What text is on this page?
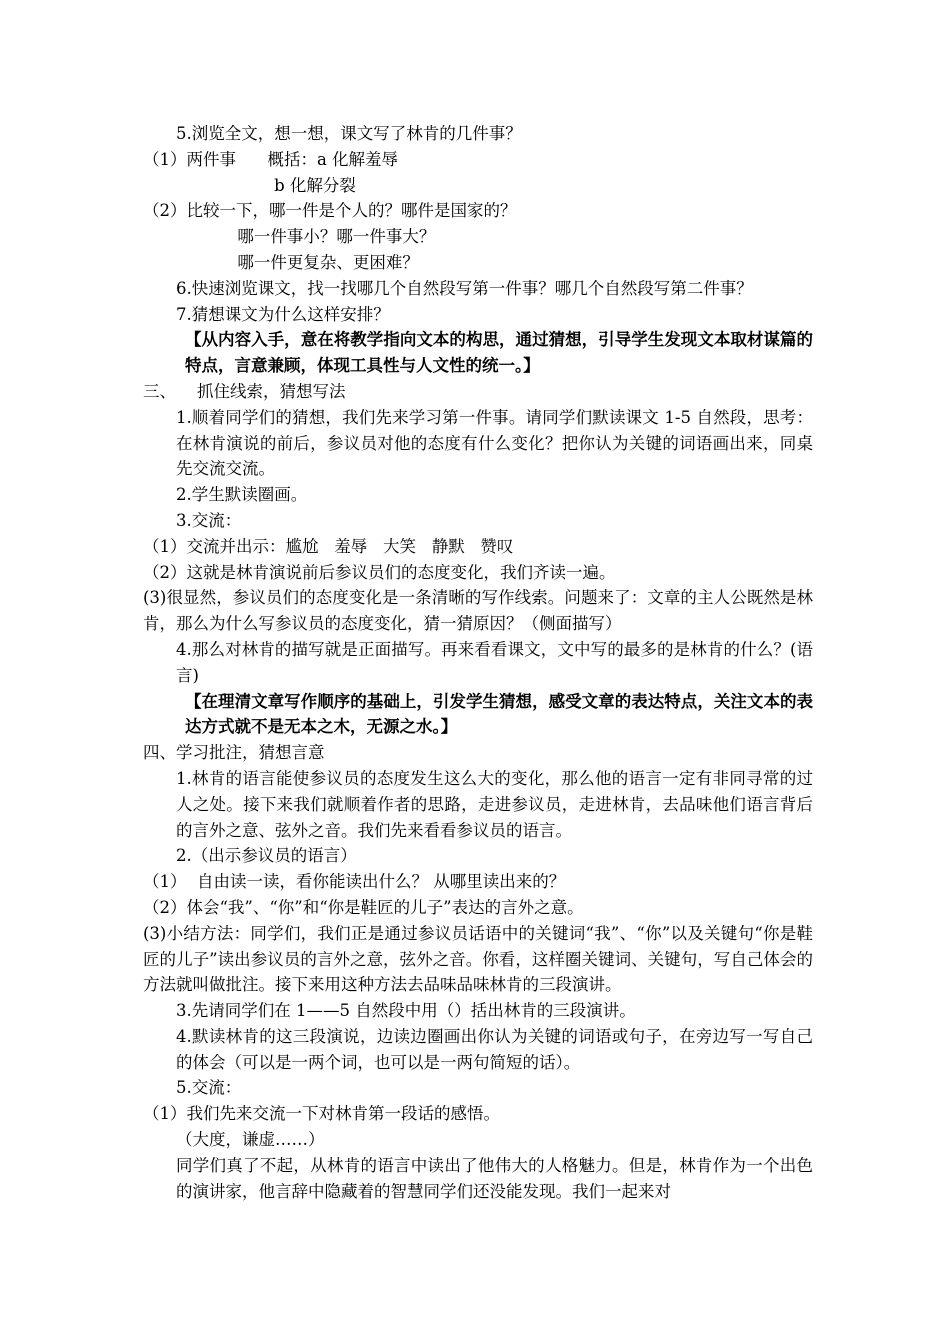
5.浏览全文，想一想，课文写了林肯的几件事？
（1）两件事      概括：a 化解羞辱
b 化解分裂
（2）比较一下，哪一件是个人的？哪件是国家的？
哪一件事小？哪一件事大？
哪一件更复杂、更困难？
6.快速浏览课文，找一找哪几个自然段写第一件事？哪几个自然段写第二件事？
7.猜想课文为什么这样安排？
【从内容入手，意在将教学指向文本的构思，通过猜想，引导学生发现文本取材谋篇的特点，言意兼顾，体现工具性与人文性的统一。】
三、    抓住线索，猜想写法
1.顺着同学们的猜想，我们先来学习第一件事。请同学们默读课文 1-5 自然段，思考：在林肯演说的前后，参议员对他的态度有什么变化？把你认为关键的词语画出来，同桌先交流交流。
2.学生默读圈画。
3.交流：
（1）交流并出示：尴尬   羞辱   大笑   静默   赞叹
（2）这就是林肯演说前后参议员们的态度变化，我们齐读一遍。
(3)很显然，参议员们的态度变化是一条清晰的写作线索。问题来了：文章的主人公既然是林肯，那么为什么写参议员的态度变化，猜一猜原因？（侧面描写）
4.那么对林肯的描写就是正面描写。再来看看课文，文中写的最多的是林肯的什么？(语言)
【在理清文章写作顺序的基础上，引发学生猜想，感受文章的表达特点，关注文本的表达方式就不是无本之木，无源之水。】
四、学习批注，猜想言意
1.林肯的语言能使参议员的态度发生这么大的变化，那么他的语言一定有非同寻常的过人之处。接下来我们就顺着作者的思路，走进参议员，走进林肯，去品味他们语言背后的言外之意、弦外之音。我们先来看看参议员的语言。
2.（出示参议员的语言）
（1）  自由读一读，看你能读出什么？ 从哪里读出来的？
（2）体会“我”、“你”和“你是鞋匠的儿子”表达的言外之意。
(3)小结方法：同学们，我们正是通过参议员话语中的关键词“我”、“你”以及关键句“你是鞋匠的儿子”读出参议员的言外之意，弦外之音。你看，这样圈关键词、关键句，写自己体会的方法就叫做批注。接下来用这种方法去品味品味林肯的三段演讲。
3.先请同学们在 1——5 自然段中用（）括出林肯的三段演讲。
4.默读林肯的这三段演说，边读边圈画出你认为关键的词语或句子，在旁边写一写自己的体会（可以是一两个词，也可以是一两句简短的话）。
5.交流：
（1）我们先来交流一下对林肯第一段话的感悟。
（大度，谦虚……）
同学们真了不起，从林肯的语言中读出了他伟大的人格魅力。但是，林肯作为一个出色的演讲家，他言辞中隐藏着的智慧同学们还没能发现。我们一起来对
